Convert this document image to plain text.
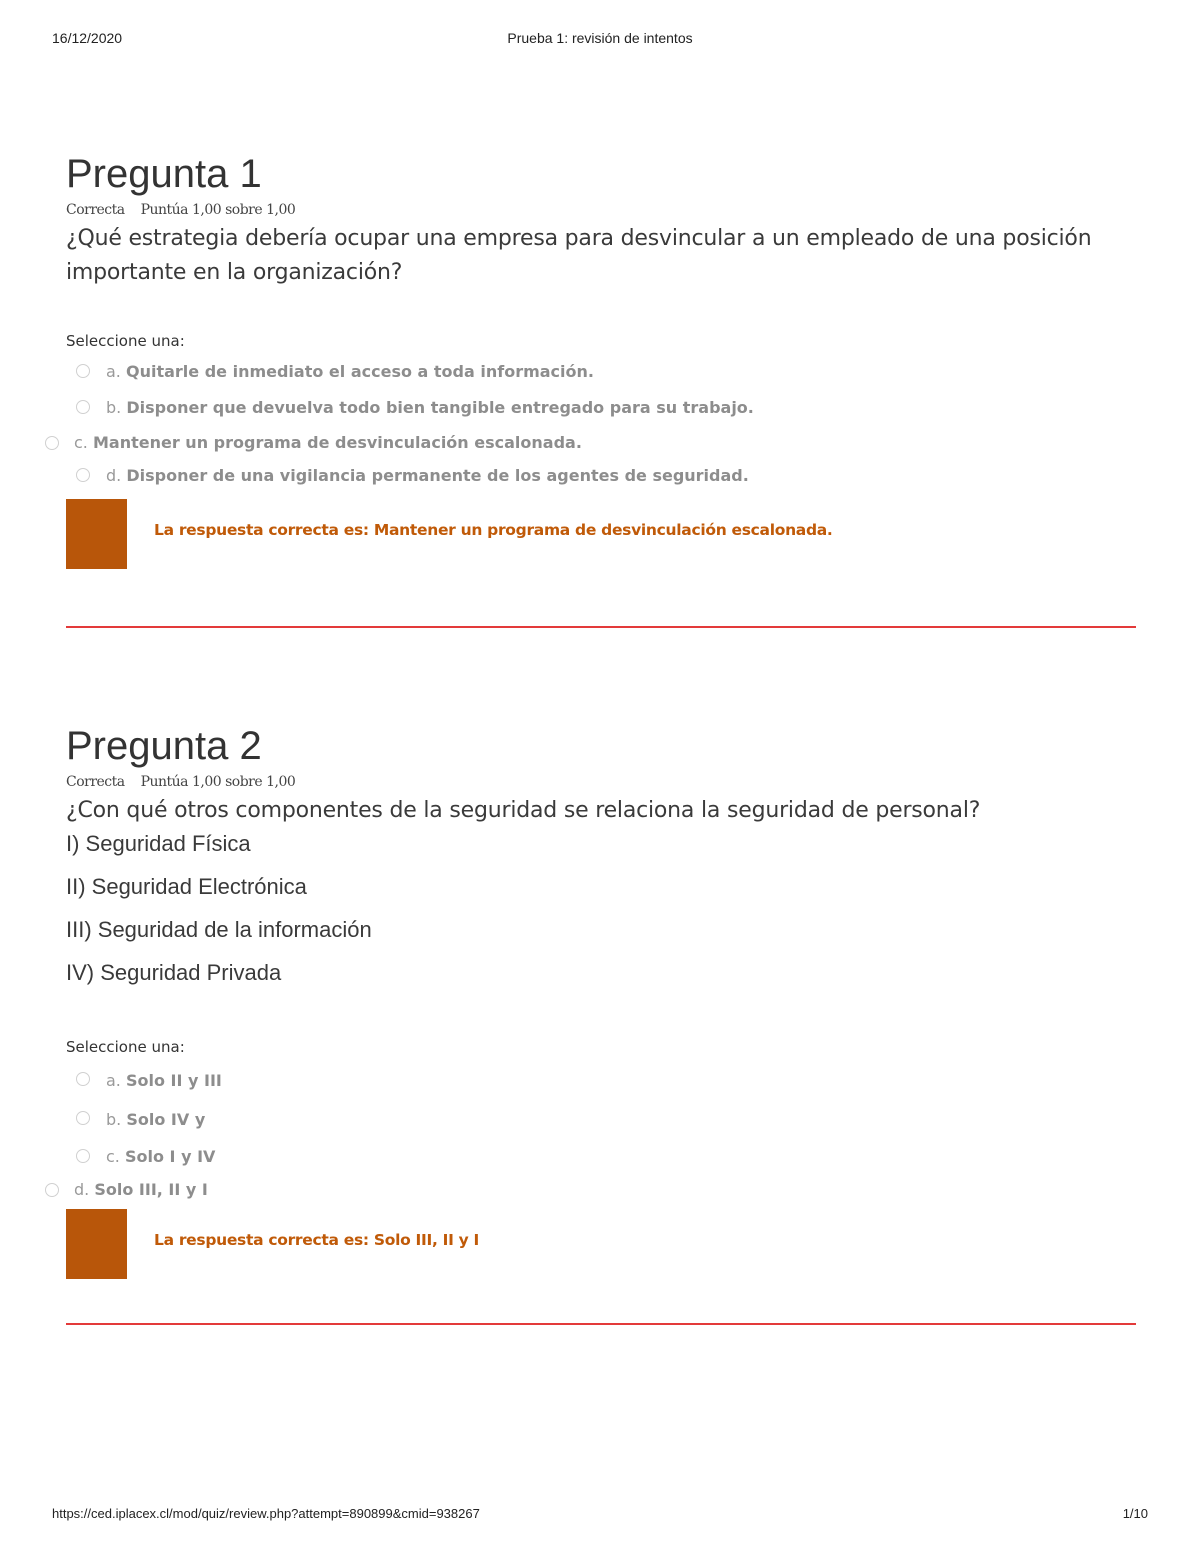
16/12/2020	Prueba 1: revisión de intentos
Pregunta 1
Correcta Puntúa 1,00 sobre 1,00
¿Qué estrategia debería ocupar una empresa para desvincular a un empleado de una posición importante en la organización?
Seleccione una:
a. Quitarle de inmediato el acceso a toda información.
b. Disponer que devuelva todo bien tangible entregado para su trabajo.
c. Mantener un programa de desvinculación escalonada.
d. Disponer de una vigilancia permanente de los agentes de seguridad.
La respuesta correcta es: Mantener un programa de desvinculación escalonada.
Pregunta 2
Correcta Puntúa 1,00 sobre 1,00
¿Con qué otros componentes de la seguridad se relaciona la seguridad de personal?
I) Seguridad Física
II) Seguridad Electrónica
III) Seguridad de la información
IV) Seguridad Privada
Seleccione una:
a. Solo II y III
b. Solo IV y
c. Solo I y IV
d. Solo III, II y I
La respuesta correcta es: Solo III, II y I
https://ced.iplacex.cl/mod/quiz/review.php?attempt=890899&cmid=938267	1/10
